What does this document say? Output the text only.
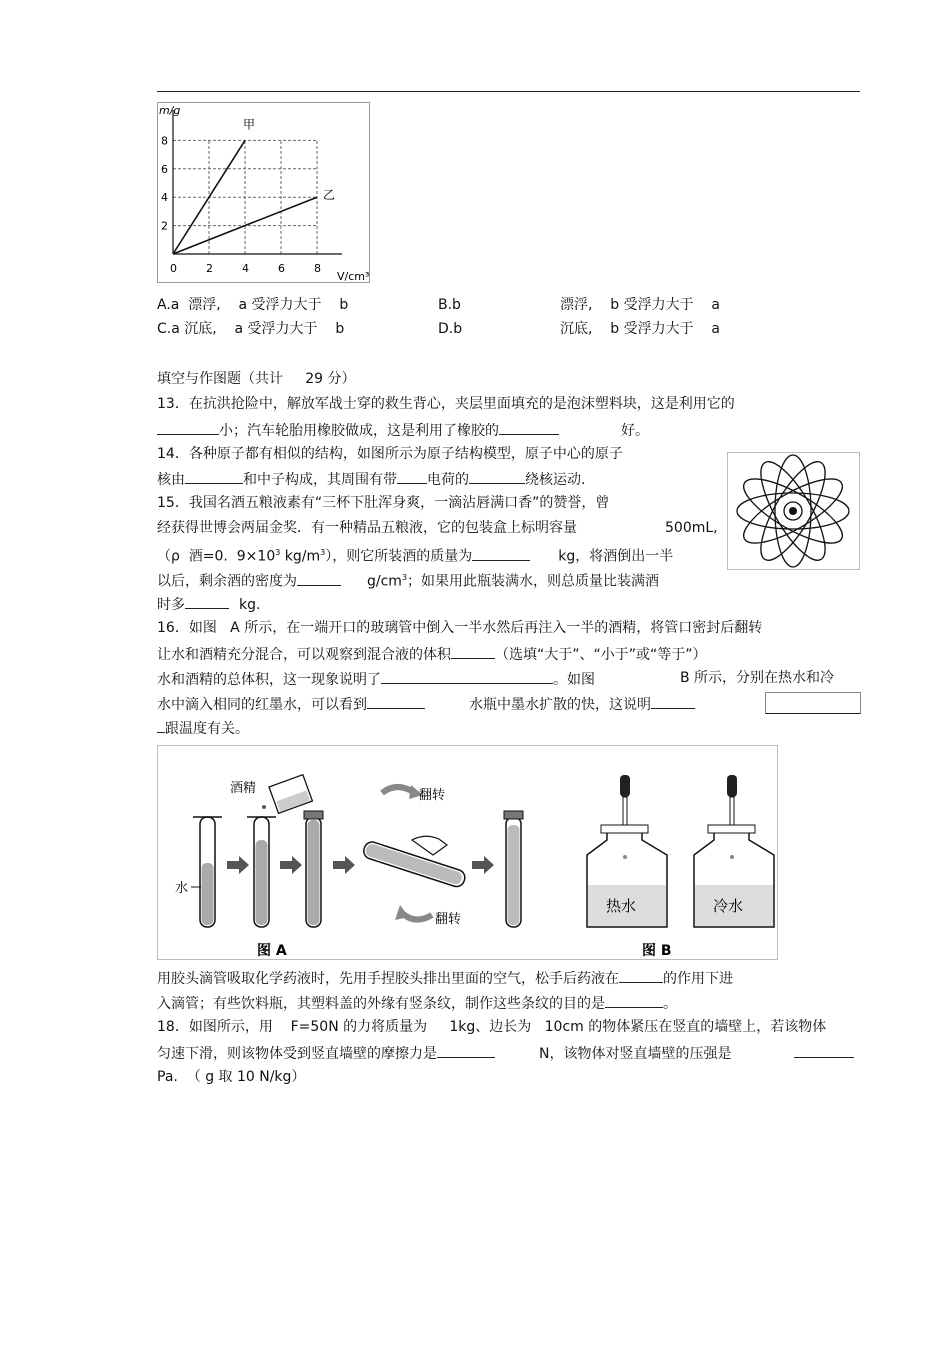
m/g
V/cm³
8
6
4
2
0	2	4	6	8
甲
乙
A.a  漂浮,    a 受浮力大于    b	B.b	漂浮,    b 受浮力大于    a
C.a 沉底,    a 受浮力大于    b	D.b	沉底,    b 受浮力大于    a
填空与作图题（共计     29 分）
13．在抗洪抢险中，解放军战士穿的救生背心，夹层里面填充的是泡沫塑料块，这是利用它的
小；汽车轮胎用橡胶做成，这是利用了橡胶的	好。
14．各种原子都有相似的结构，如图所示为原子结构模型，原子中心的原子
核由	和中子构成，其周围有带 电荷的	绕核运动.
15．我国名酒五粮液素有“三杯下肚浑身爽，一滴沾唇满口香”的赞誉，曾
经获得世博会两届金奖．有一种精品五粮液，它的包装盒上标明容量	500mL,
（ρ  酒=0.  $9\times 10^3$ $kg/m^3$），则它所装酒的质量为	kg，将酒倒出一半
以后，剩余酒的密度为	$g/cm^3$；如果用此瓶装满水，则总质量比装满酒
时多	kg.
16．如图   A 所示，在一端开口的玻璃管中倒入一半水然后再注入一半的酒精，将管口密封后翻转
让水和酒精充分混合，可以观察到混合液的体积	（选填“大于”、“小于”或“等于”）
水和酒精的总体积，这一现象说明了	。如图	B 所示，分别在热水和冷
水中滴入相同的红墨水，可以看到	水瓶中墨水扩散的快，这说明
跟温度有关。
水
酒精	翻转
翻转
图 A
热水	冷水
图 B
用胶头滴管吸取化学药液时，先用手捏胶头排出里面的空气，松手后药液在	的作用下进
入滴管；有些饮料瓶，其塑料盖的外缘有竖条纹，制作这些条纹的目的是	。
18．如图所示，用    F=50N 的力将质量为     1kg、边长为   10cm 的物体紧压在竖直的墙壁上，若该物体
匀速下滑，则该物体受到竖直墙壁的摩擦力是	N，该物体对竖直墙壁的压强是
Pa.  （ g 取 10 N/kg）
